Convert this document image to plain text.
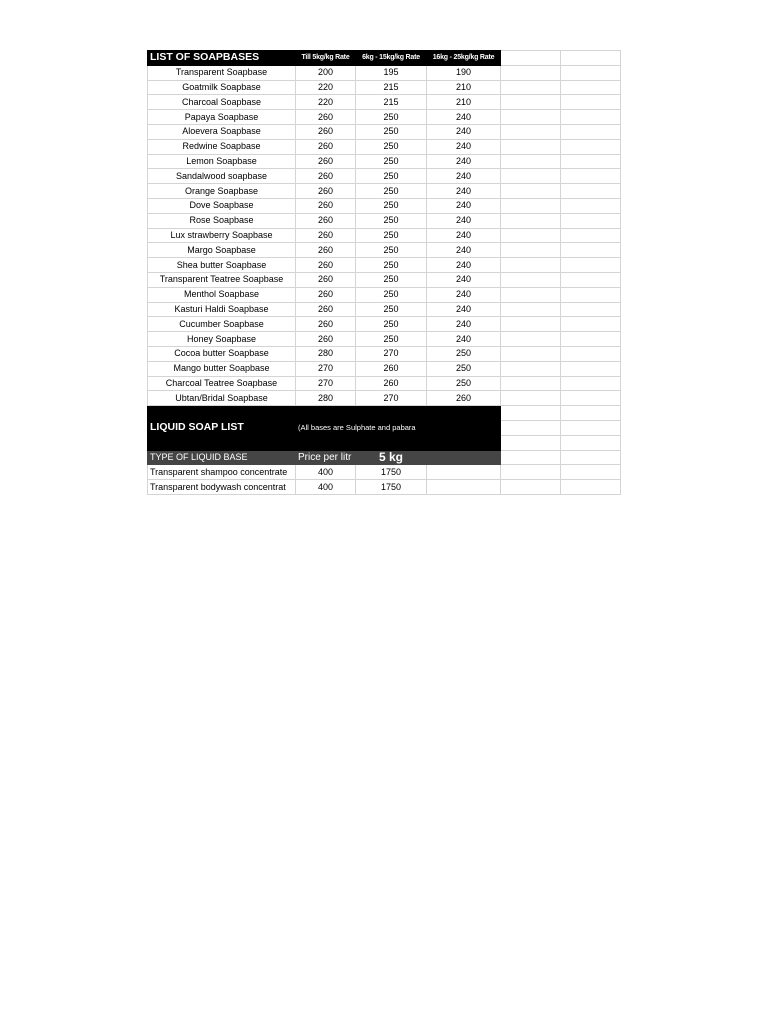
LIST OF SOAPBASES	Till 5kg/kg Rate	6kg - 15kg/kg Rate	16kg - 25kg/kg Rate		
Transparent Soapbase	200	195	190		
Goatmilk Soapbase	220	215	210		
Charcoal Soapbase	220	215	210		
Papaya Soapbase	260	250	240		
Aloevera Soapbase	260	250	240		
Redwine Soapbase	260	250	240		
Lemon Soapbase	260	250	240		
Sandalwood soapbase	260	250	240		
Orange Soapbase	260	250	240		
Dove Soapbase	260	250	240		
Rose Soapbase	260	250	240		
Lux strawberry Soapbase	260	250	240		
Margo Soapbase	260	250	240		
Shea butter Soapbase	260	250	240		
Transparent Teatree Soapbase	260	250	240		
Menthol Soapbase	260	250	240		
Kasturi Haldi Soapbase	260	250	240		
Cucumber Soapbase	260	250	240		
Honey Soapbase	260	250	240		
Cocoa butter Soapbase	280	270	250		
Mango butter Soapbase	270	260	250		
Charcoal Teatree Soapbase	270	260	250		
Ubtan/Bridal Soapbase	280	270	260		
LIQUID SOAP LIST	(All bases are Sulphate and pabara				

TYPE OF LIQUID BASE	Price per litr	5 kg			
Transparent shampoo concentrate	400	1750			
Transparent bodywash concentrat	400	1750			
